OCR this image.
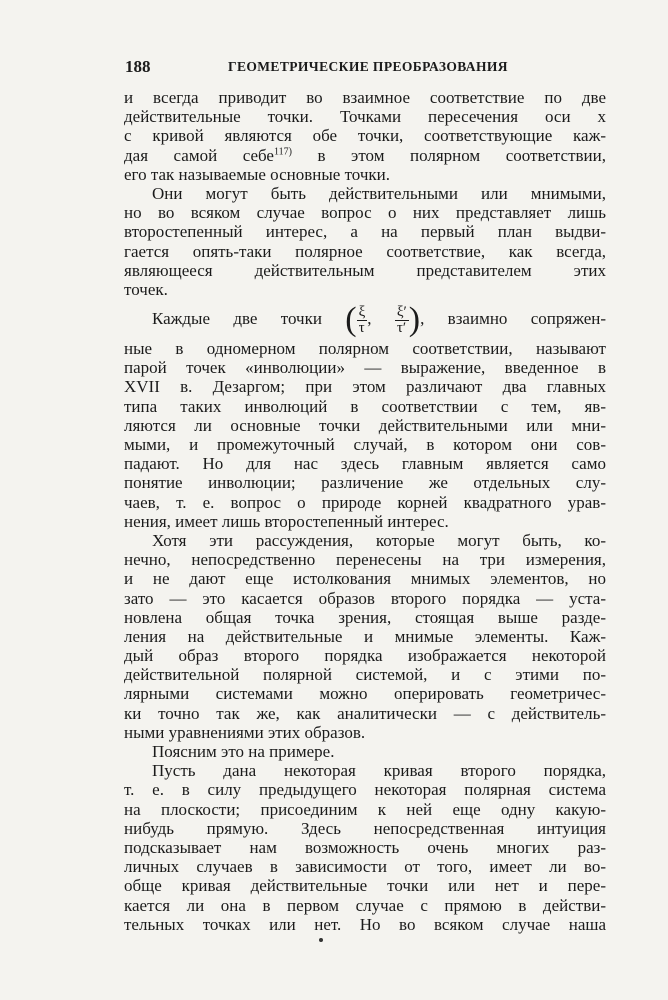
188	ГЕОМЕТРИЧЕСКИЕ ПРЕОБРАЗОВАНИЯ
и всегда приводит во взаимное соответствие по две
действительные точки. Точками пересечения оси x
с кривой являются обе точки, соответствующие каж-
дая самой себе$^{117)}$ в этом полярном соответствии,
его так называемые основные точки.
Они могут быть действительными или мнимыми,
но во всяком случае вопрос о них представляет лишь
второстепенный интерес, а на первый план выдви-
гается опять-таки полярное соответствие, как всегда,
являющееся действительным представителем этих
точек.
Каждые две точки ( $\frac{\xi}{\tau}$ , $\frac{\xi'}{\tau'}$ ), взаимно сопряжен-
ные в одномерном полярном соответствии, называют
парой точек «инволюции» — выражение, введенное в
XVII в. Дезаргом; при этом различают два главных
типа таких инволюций в соответствии с тем, яв-
ляются ли основные точки действительными или мни-
мыми, и промежуточный случай, в котором они сов-
падают. Но для нас здесь главным является само
понятие инволюции; различение же отдельных слу-
чаев, т. е. вопрос о природе корней квадратного урав-
нения, имеет лишь второстепенный интерес.
Хотя эти рассуждения, которые могут быть, ко-
нечно, непосредственно перенесены на три измерения,
и не дают еще истолкования мнимых элементов, но
зато — это касается образов второго порядка — уста-
новлена общая точка зрения, стоящая выше разде-
ления на действительные и мнимые элементы. Каж-
дый образ второго порядка изображается некоторой
действительной полярной системой, и с этими по-
лярными системами можно оперировать геометричес-
ки точно так же, как аналитически — с действитель-
ными уравнениями этих образов.
Поясним это на примере.
Пусть дана некоторая кривая второго порядка,
т. е. в силу предыдущего некоторая полярная система
на плоскости; присоединим к ней еще одну какую-
нибудь прямую. Здесь непосредственная интуиция
подсказывает нам возможность очень многих раз-
личных случаев в зависимости от того, имеет ли во-
обще кривая действительные точки или нет и пере-
кается ли она в первом случае с прямою в действи-
тельных точках или нет. Но во всяком случае наша
